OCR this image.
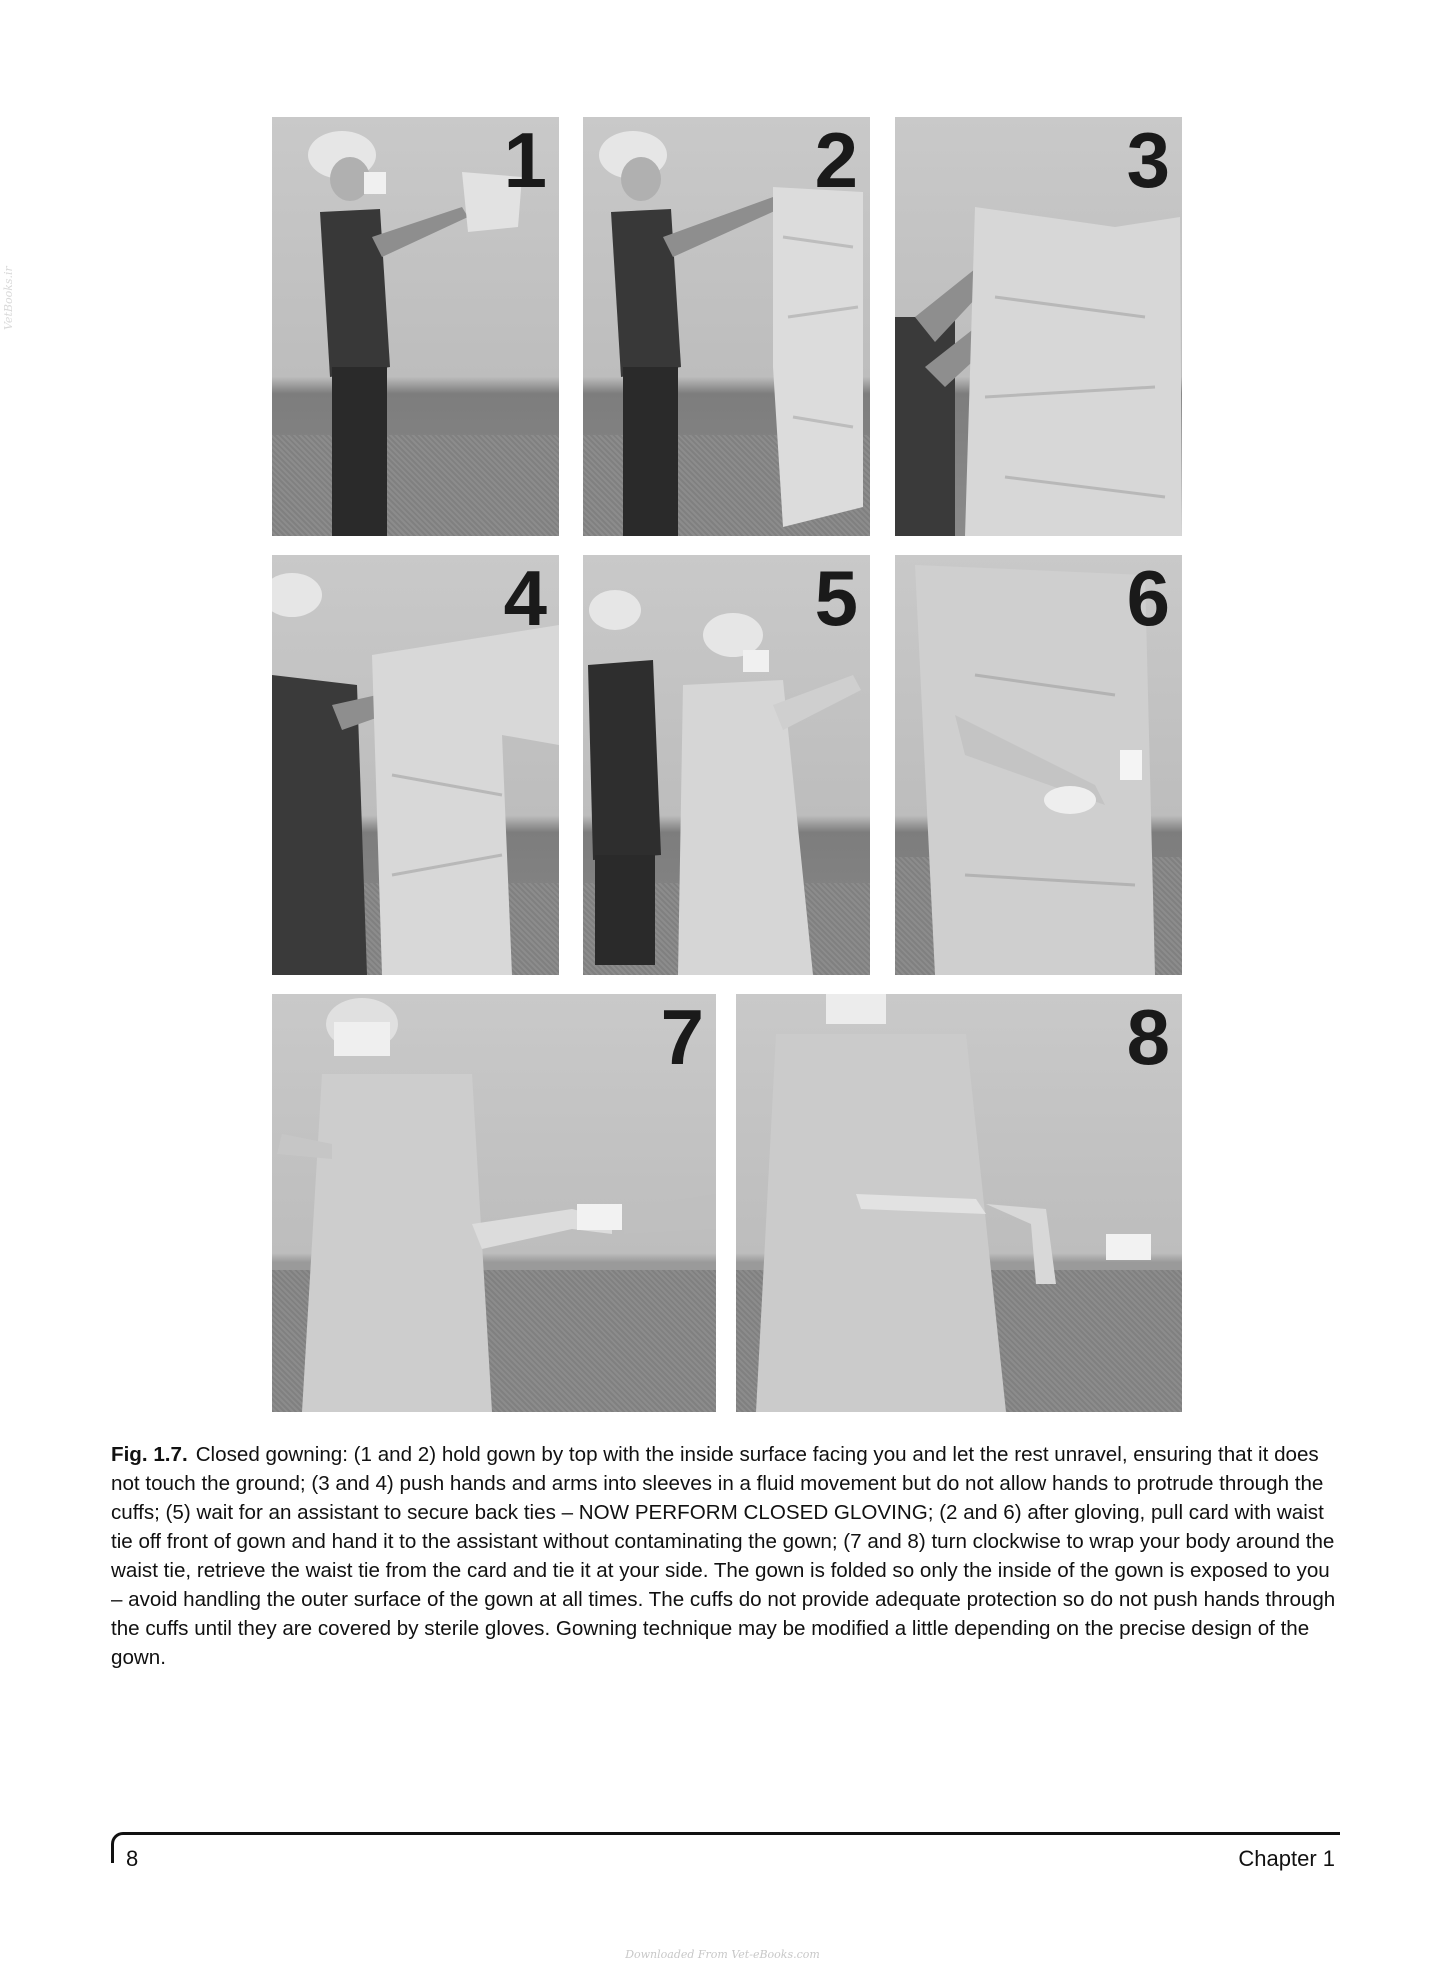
VetBooks.ir
1	2	3
4	5	6
7	8
Fig. 1.7. Closed gowning: (1 and 2) hold gown by top with the inside surface facing you and let the rest unravel, ensuring that it does not touch the ground; (3 and 4) push hands and arms into sleeves in a fluid movement but do not allow hands to protrude through the cuffs; (5) wait for an assistant to secure back ties – NOW PERFORM CLOSED GLOVING; (2 and 6) after gloving, pull card with waist tie off front of gown and hand it to the assistant without contaminating the gown; (7 and 8) turn clockwise to wrap your body around the waist tie, retrieve the waist tie from the card and tie it at your side. The gown is folded so only the inside of the gown is exposed to you – avoid handling the outer surface of the gown at all times. The cuffs do not provide adequate protection so do not push hands through the cuffs until they are covered by sterile gloves. Gowning technique may be modified a little depending on the precise design of the gown.
8	Chapter 1
Downloaded From Vet-eBooks.com
